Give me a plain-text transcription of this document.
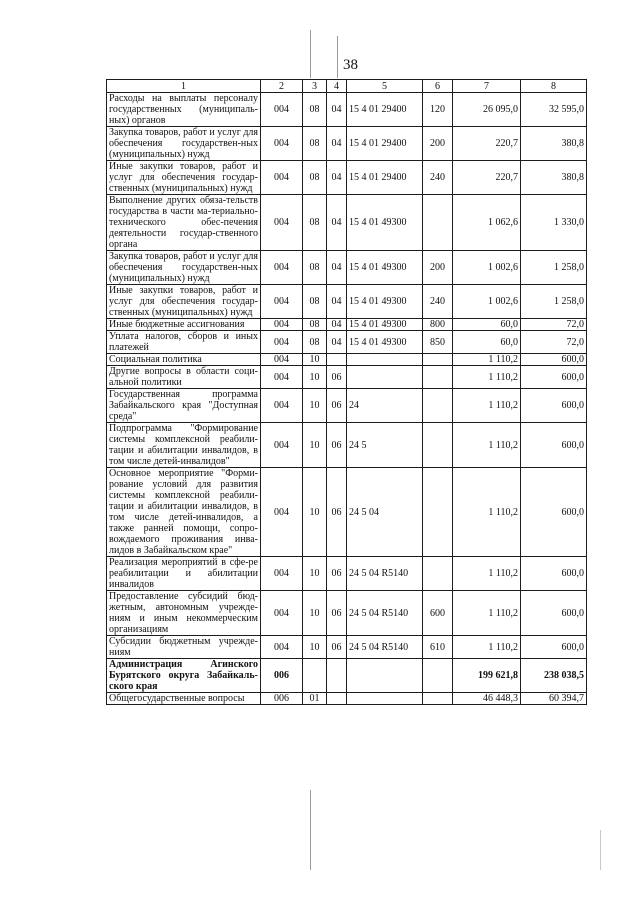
38
1	2	3	4	5	6	7	8
Расходы на выплаты персоналу государственных (муниципаль-ных) органов	004	08	04	15 4 01 29400	120	26 095,0	32 595,0
Закупка товаров, работ и услуг для обеспечения государствен-ных (муниципальных) нужд	004	08	04	15 4 01 29400	200	220,7	380,8
Иные закупки товаров, работ и услуг для обеспечения государ-ственных (муниципальных) нужд	004	08	04	15 4 01 29400	240	220,7	380,8
Выполнение других обяза-тельств государства в части ма-териально-технического обес-печения деятельности государ-ственного органа	004	08	04	15 4 01 49300		1 062,6	1 330,0
Закупка товаров, работ и услуг для обеспечения государствен-ных (муниципальных) нужд	004	08	04	15 4 01 49300	200	1 002,6	1 258,0
Иные закупки товаров, работ и услуг для обеспечения государ-ственных (муниципальных) нужд	004	08	04	15 4 01 49300	240	1 002,6	1 258,0
Иные бюджетные ассигнования	004	08	04	15 4 01 49300	800	60,0	72,0
Уплата налогов, сборов и иных платежей	004	08	04	15 4 01 49300	850	60,0	72,0
Социальная политика	004	10				1 110,2	600,0
Другие вопросы в области соци-альной политики	004	10	06			1 110,2	600,0
Государственная программа Забайкальского края "Доступная среда"	004	10	06	24		1 110,2	600,0
Подпрограмма "Формирование системы комплексной реабили-тации и абилитации инвалидов, в том числе детей-инвалидов"	004	10	06	24 5		1 110,2	600,0
Основное мероприятие "Форми-рование условий для развития системы комплексной реабили-тации и абилитации инвалидов, в том числе детей-инвалидов, а также ранней помощи, сопро-вождаемого проживания инва-лидов в Забайкальском крае"	004	10	06	24 5 04		1 110,2	600,0
Реализация мероприятий в сфе-ре реабилитации и абилитации инвалидов	004	10	06	24 5 04 R5140		1 110,2	600,0
Предоставление субсидий бюд-жетным, автономным учрежде-ниям и иным некоммерческим организациям	004	10	06	24 5 04 R5140	600	1 110,2	600,0
Субсидии бюджетным учрежде-ниям	004	10	06	24 5 04 R5140	610	1 110,2	600,0
Администрация Агинского Бурятского округа Забайкаль-ского края	006					199 621,8	238 038,5
Общегосударственные вопросы	006	01				46 448,3	60 394,7
